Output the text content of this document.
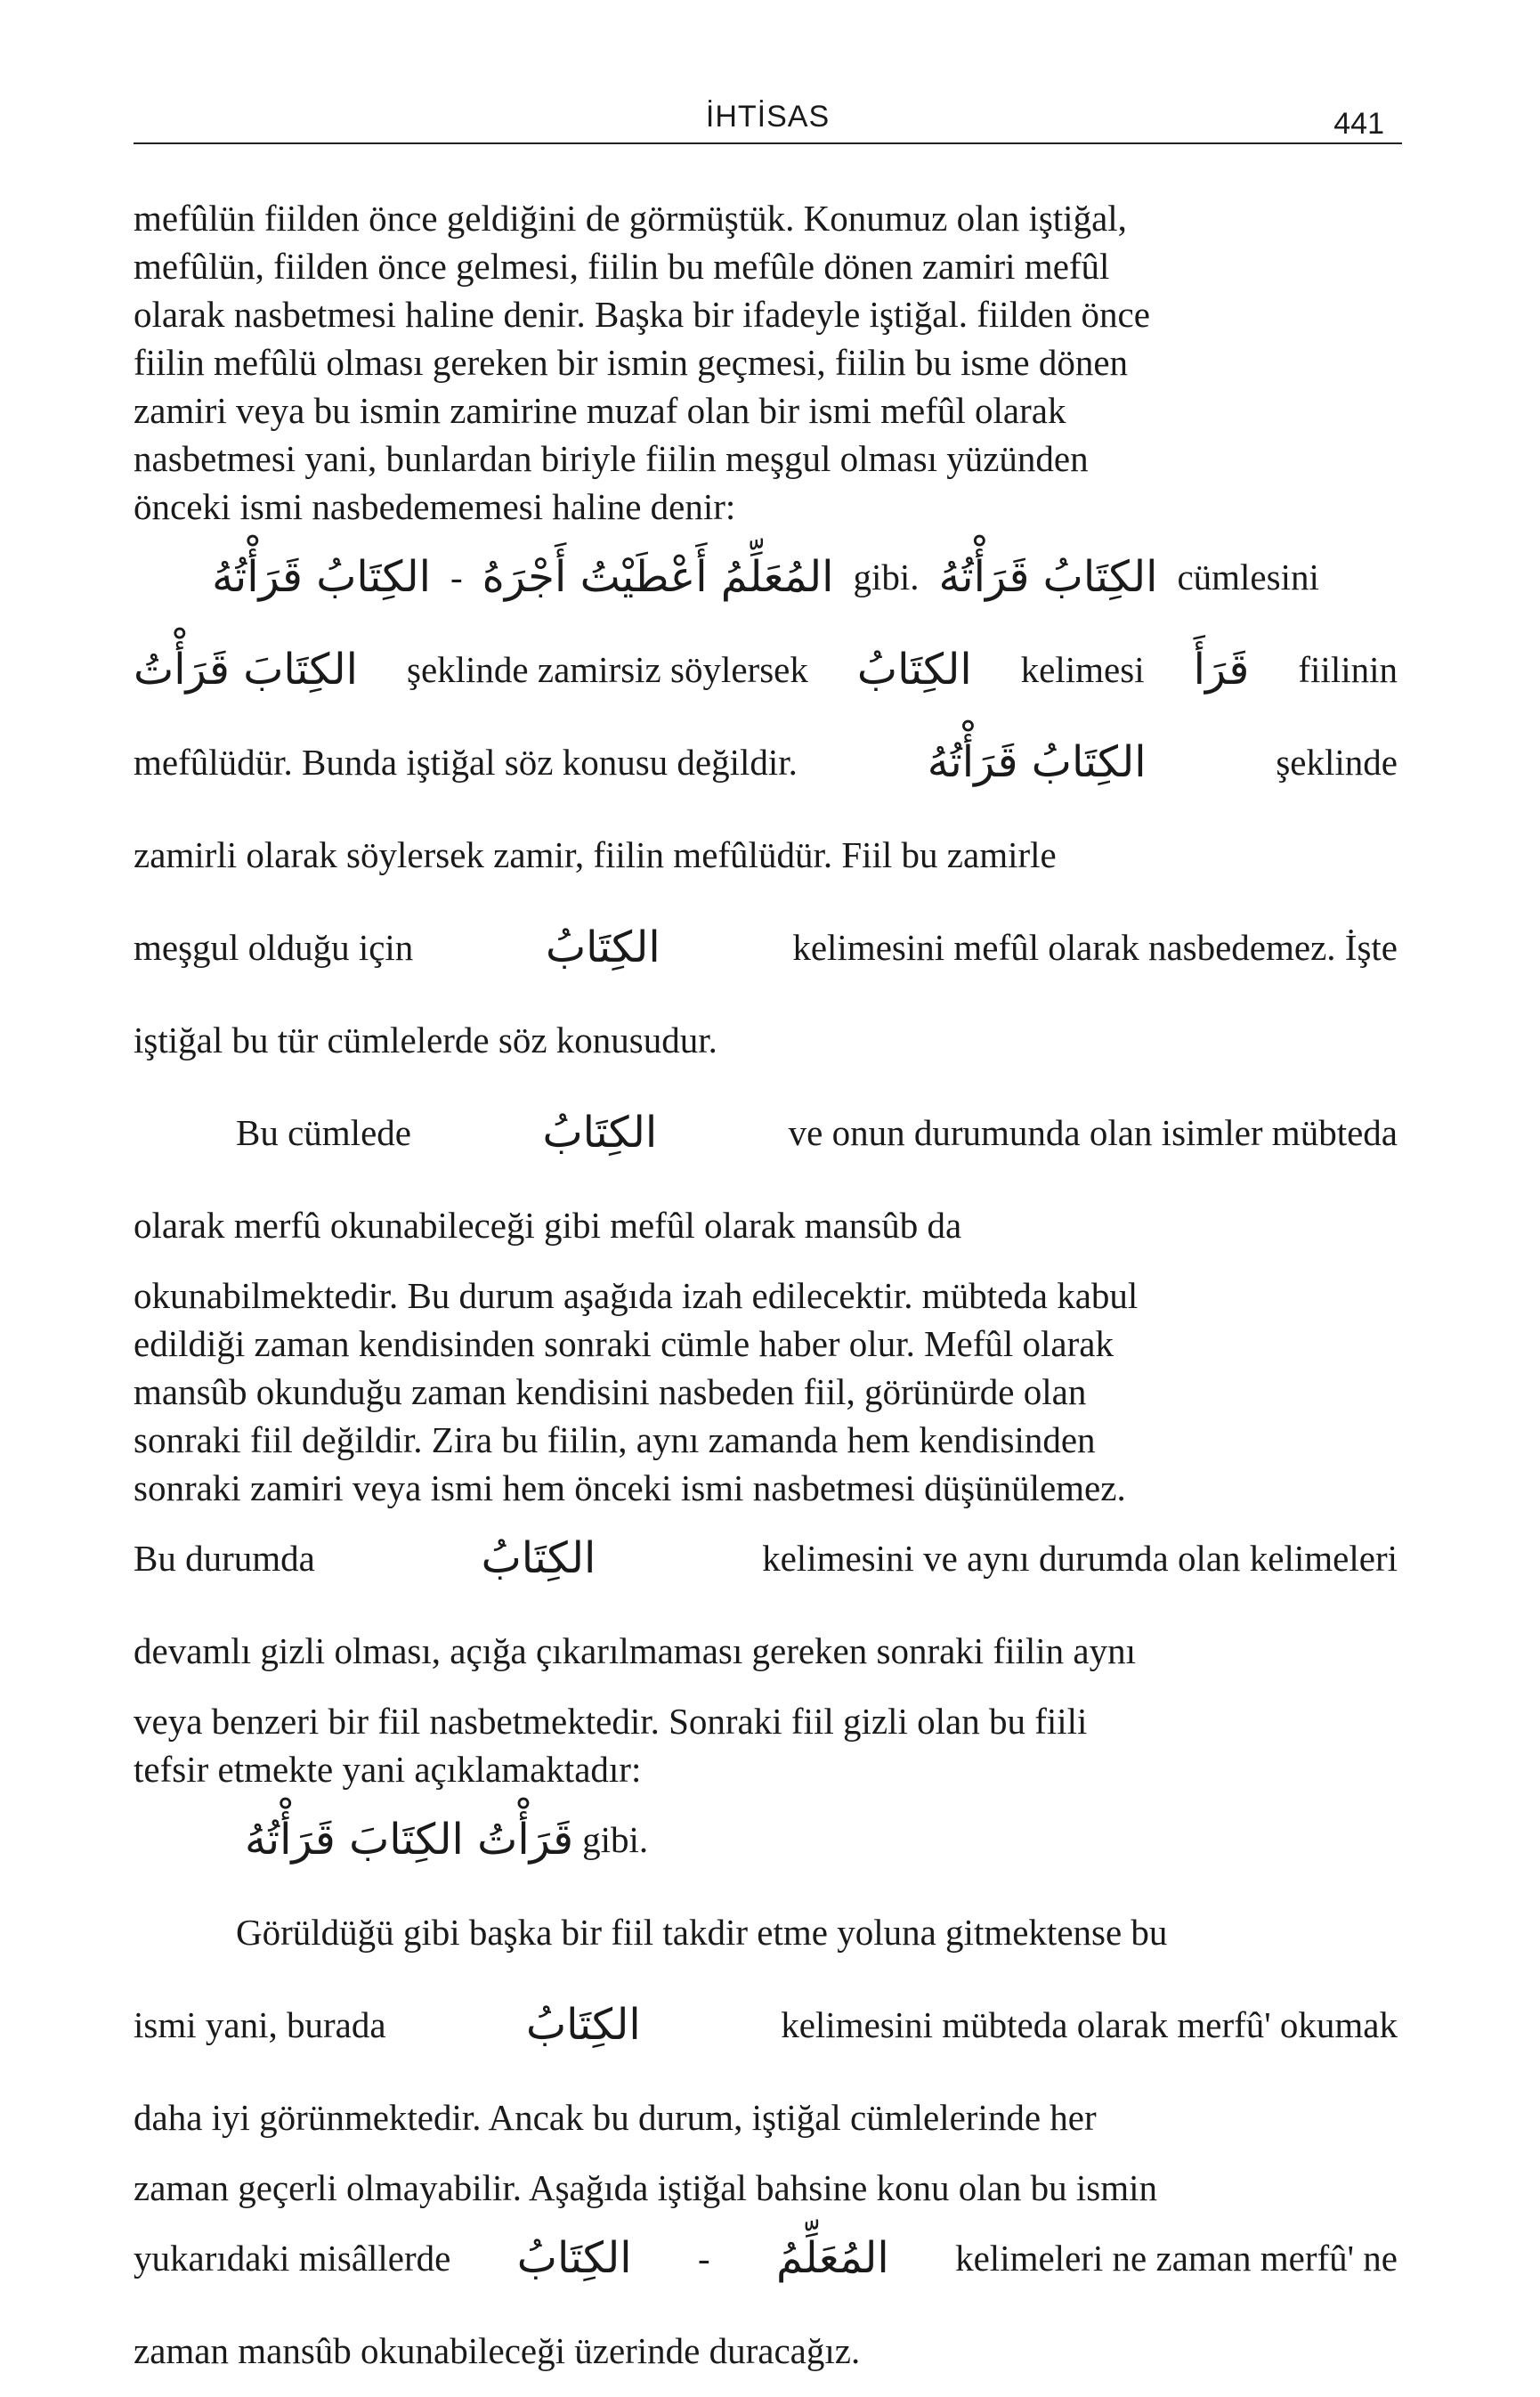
İHTİSAS	441
mefûlün fiilden önce geldiğini de görmüştük. Konumuz olan iştiğal,
mefûlün, fiilden önce gelmesi, fiilin bu mefûle dönen zamiri mefûl
olarak nasbetmesi haline denir. Başka bir ifadeyle iştiğal. fiilden önce
fiilin mefûlü olması gereken bir ismin geçmesi, fiilin bu isme dönen
zamiri veya bu ismin zamirine muzaf olan bir ismi mefûl olarak
nasbetmesi yani, bunlardan biriyle fiilin meşgul olması yüzünden
önceki ismi nasbedememesi haline denir:
الكِتَابُ قَرَأْتُهُ - المُعَلِّمُ أَعْطَيْتُ أَجْرَهُ gibi. الكِتَابُ قَرَأْتُهُ cümlesini
الكِتَابَ قَرَأْتُ şeklinde zamirsiz söylersek الكِتَابُ kelimesi قَرَأَ fiilinin
mefûlüdür. Bunda iştiğal söz konusu değildir.	الكِتَابُ قَرَأْتُهُ	şeklinde
zamirli olarak söylersek zamir, fiilin mefûlüdür. Fiil bu zamirle
meşgul olduğu için	الكِتَابُ	kelimesini mefûl olarak nasbedemez. İşte
iştiğal bu tür cümlelerde söz konusudur.
Bu cümlede	الكِتَابُ	ve onun durumunda olan isimler mübteda
olarak merfû okunabileceği gibi mefûl olarak mansûb da
okunabilmektedir. Bu durum aşağıda izah edilecektir. mübteda kabul
edildiği zaman kendisinden sonraki cümle haber olur. Mefûl olarak
mansûb okunduğu zaman kendisini nasbeden fiil, görünürde olan
sonraki fiil değildir. Zira bu fiilin, aynı zamanda hem kendisinden
sonraki zamiri veya ismi hem önceki ismi nasbetmesi düşünülemez.
Bu durumda	الكِتَابُ	kelimesini ve aynı durumda olan kelimeleri
devamlı gizli olması, açığa çıkarılmaması gereken sonraki fiilin aynı
veya benzeri bir fiil nasbetmektedir. Sonraki fiil gizli olan bu fiili
tefsir etmekte yani açıklamaktadır:
قَرَأْتُ الكِتَابَ قَرَأْتُهُ gibi.
Görüldüğü gibi başka bir fiil takdir etme yoluna gitmektense bu
ismi yani, burada	الكِتَابُ	kelimesini mübteda olarak merfû' okumak
daha iyi görünmektedir. Ancak bu durum, iştiğal cümlelerinde her
zaman geçerli olmayabilir. Aşağıda iştiğal bahsine konu olan bu ismin
yukarıdaki misâllerde الكِتَابُ - المُعَلِّمُ kelimeleri ne zaman merfû' ne
zaman mansûb okunabileceği üzerinde duracağız.
